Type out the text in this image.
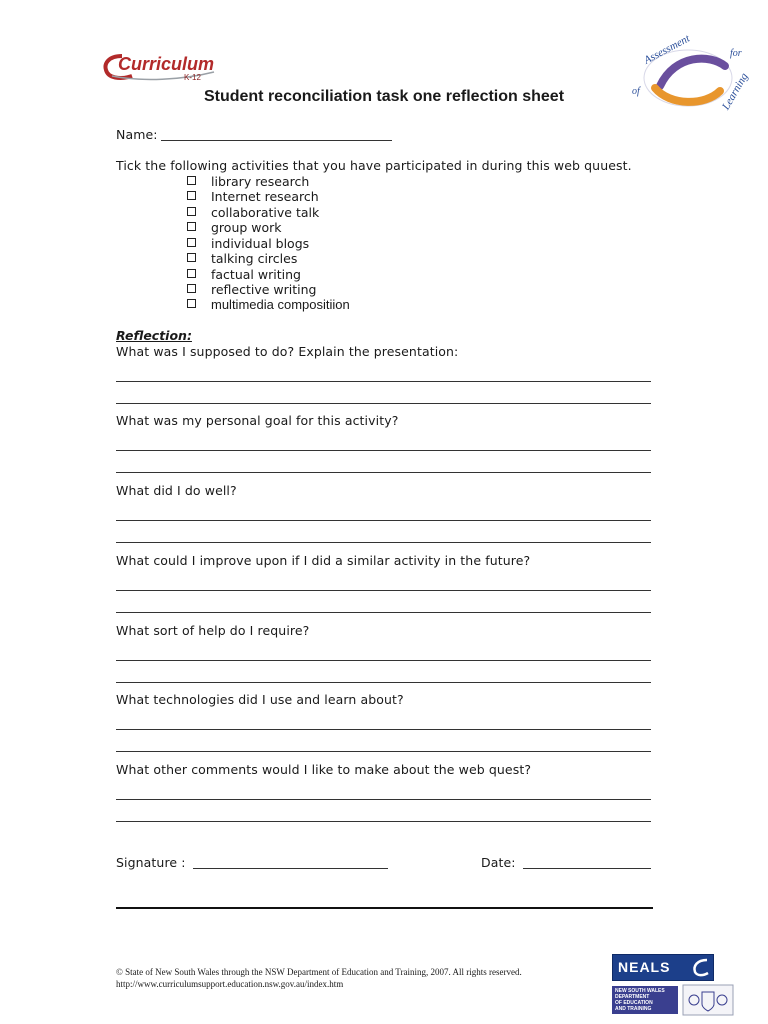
Curriculum
K-12
Assessment	for
of	Learning
Student reconciliation task one reflection sheet
Name:
Tick the following activities that you have participated in during this web quuest.
library research
Internet research
collaborative talk
group work
individual blogs
talking circles
factual writing
reflective writing
multimedia compositiion
Reflection:
What was I supposed to do? Explain the presentation:
What was my personal goal for this activity?
What did I do well?
What could I improve upon if I did a similar activity in the future?
What sort of help do I require?
What technologies did I use and learn about?
What other comments would I like to make about the web quest?
Signature :	Date:
© State of New South Wales through the NSW Department of Education and Training, 2007. All rights reserved.
http://www.curriculumsupport.education.nsw.gov.au/index.htm
NEALS
NEW SOUTH WALES
DEPARTMENT
OF EDUCATION
AND TRAINING
